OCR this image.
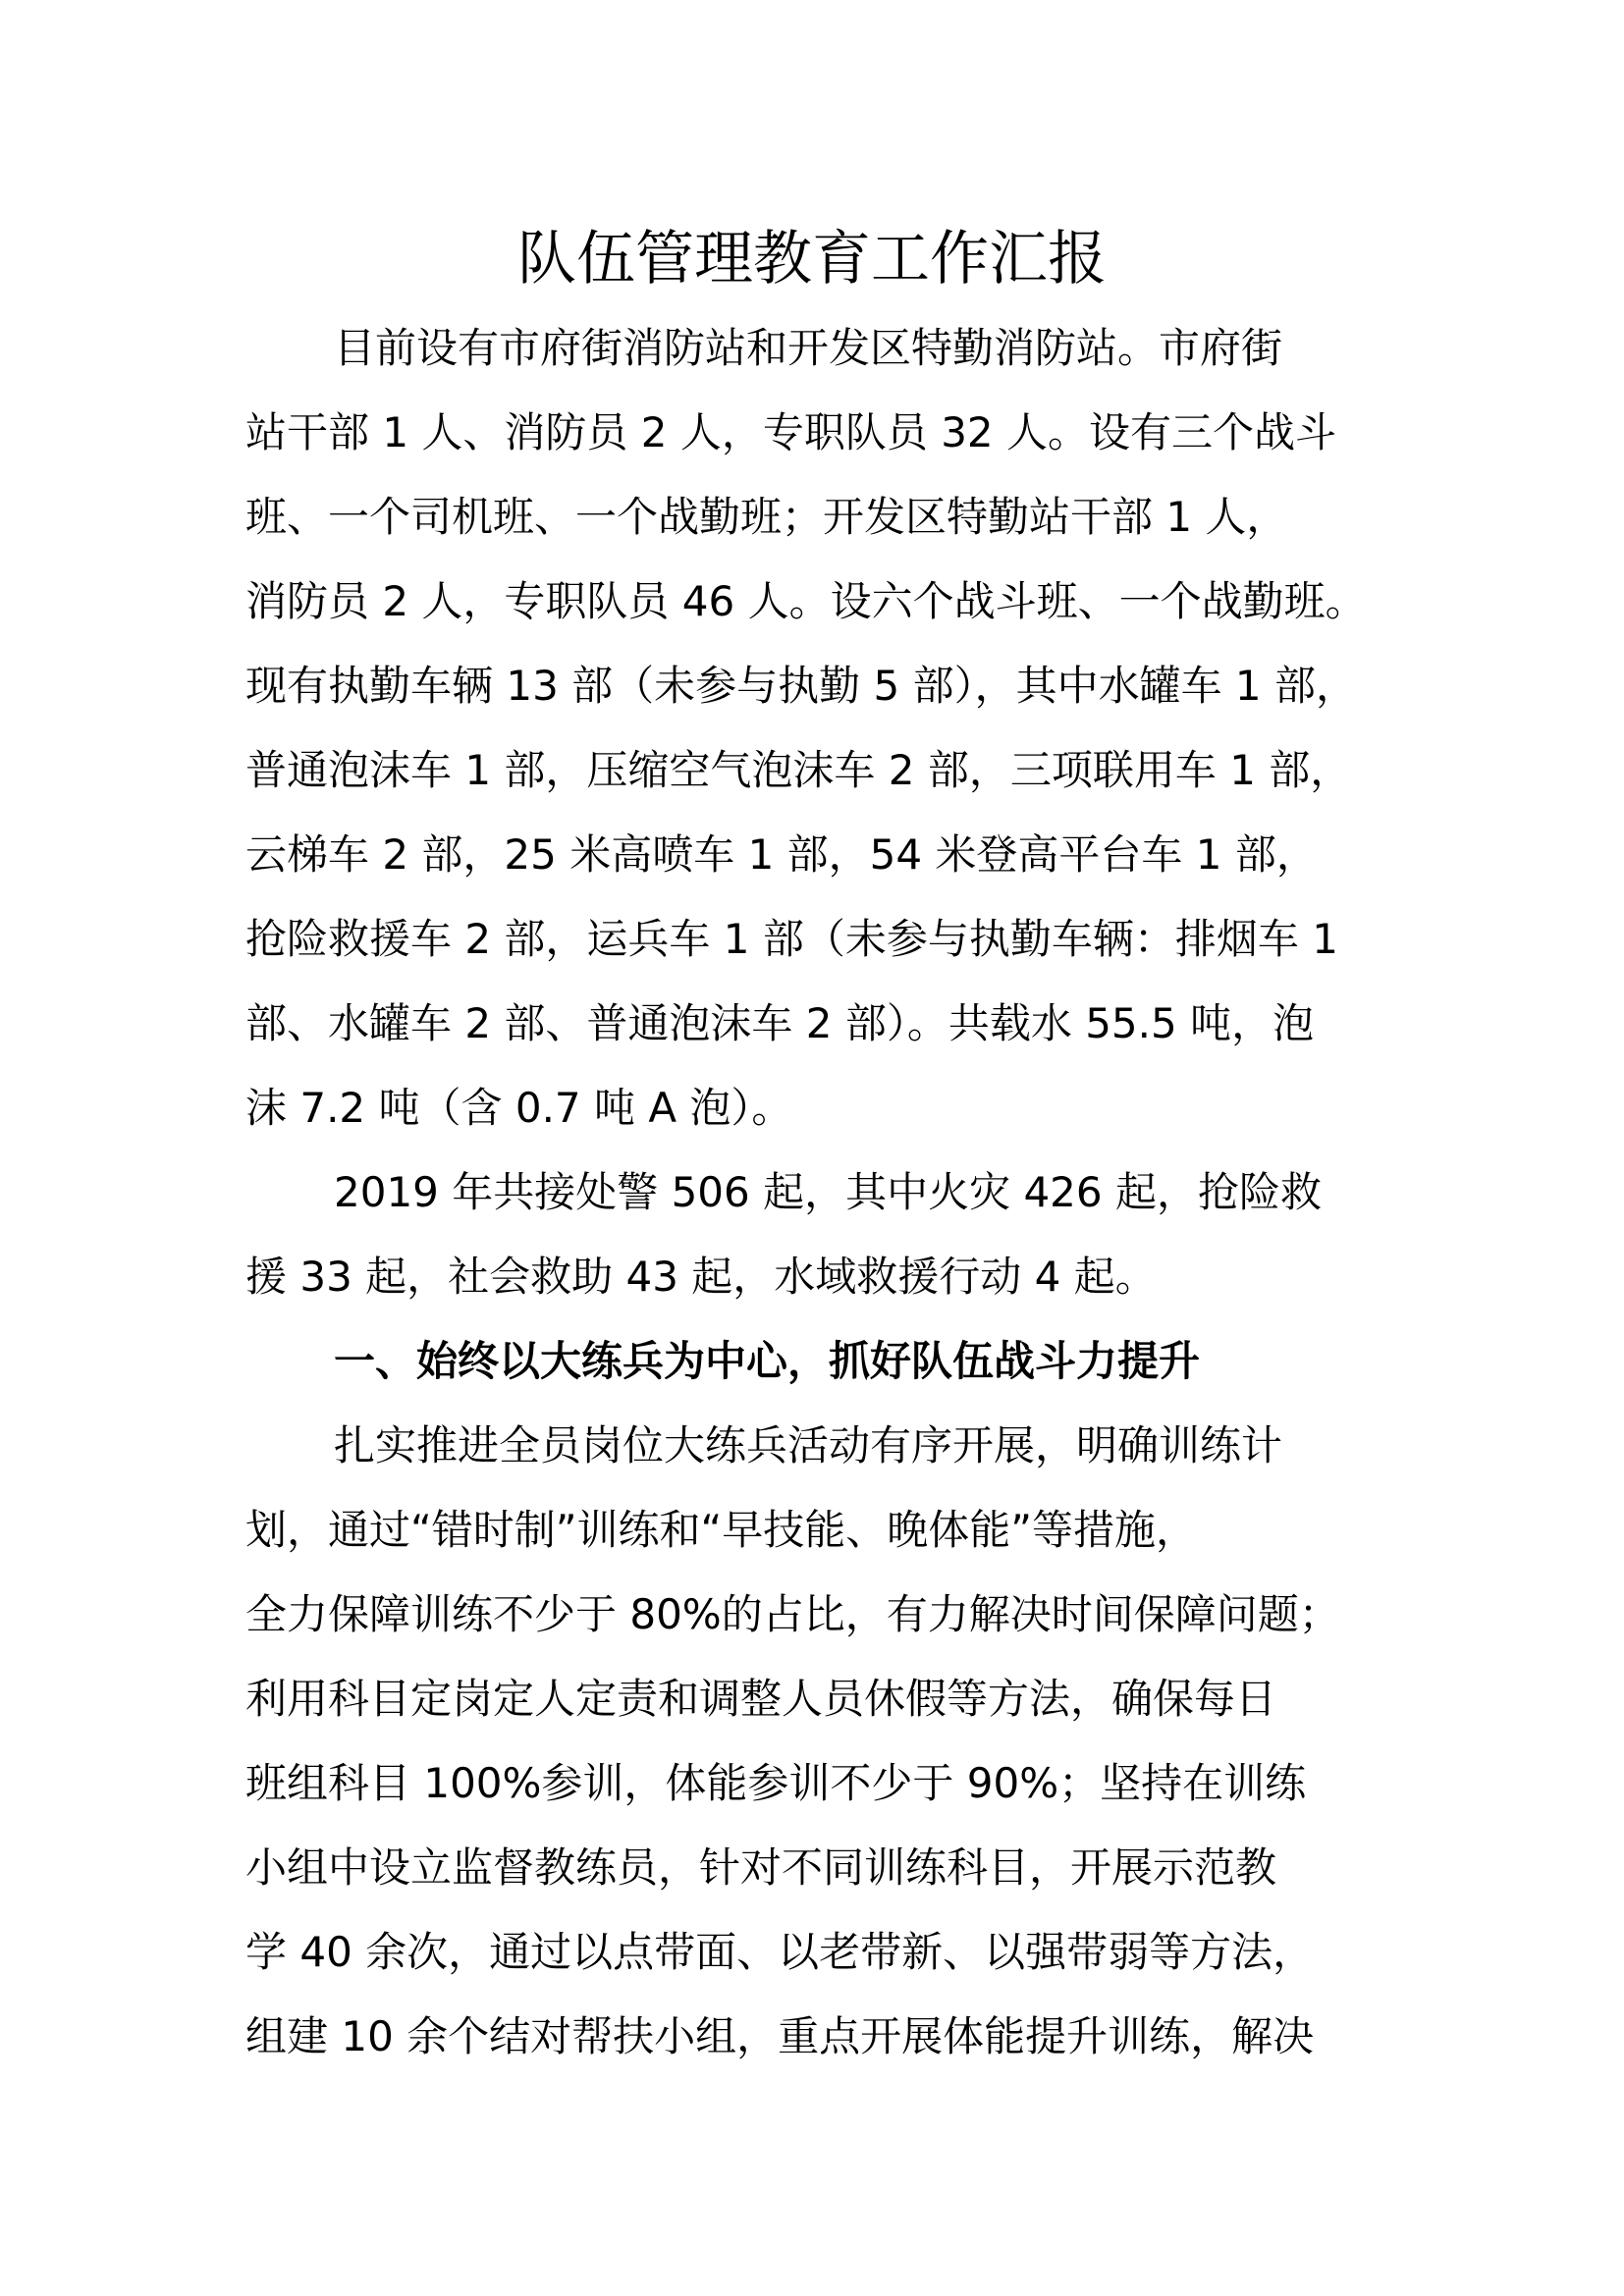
队伍管理教育工作汇报
目前设有市府街消防站和开发区特勤消防站。市府街
站干部 1 人、消防员 2 人，专职队员 32 人。设有三个战斗
班、一个司机班、一个战勤班；开发区特勤站干部 1 人，
消防员 2 人，专职队员 46 人。设六个战斗班、一个战勤班。
现有执勤车辆 13 部（未参与执勤 5 部），其中水罐车 1 部，
普通泡沫车 1 部，压缩空气泡沫车 2 部，三项联用车 1 部，
云梯车 2 部，25 米高喷车 1 部，54 米登高平台车 1 部，
抢险救援车 2 部，运兵车 1 部（未参与执勤车辆：排烟车 1
部、水罐车 2 部、普通泡沫车 2 部）。共载水 55.5 吨，泡
沫 7.2 吨（含 0.7 吨 A 泡）。
2019 年共接处警 506 起，其中火灾 426 起，抢险救
援 33 起，社会救助 43 起，水域救援行动 4 起。
一、始终以大练兵为中心，抓好队伍战斗力提升
扎实推进全员岗位大练兵活动有序开展，明确训练计
划，通过“错时制”训练和“早技能、晚体能”等措施，
全力保障训练不少于 80%的占比，有力解决时间保障问题；
利用科目定岗定人定责和调整人员休假等方法，确保每日
班组科目 100%参训，体能参训不少于 90%；坚持在训练
小组中设立监督教练员，针对不同训练科目，开展示范教
学 40 余次，通过以点带面、以老带新、以强带弱等方法，
组建 10 余个结对帮扶小组，重点开展体能提升训练，解决
